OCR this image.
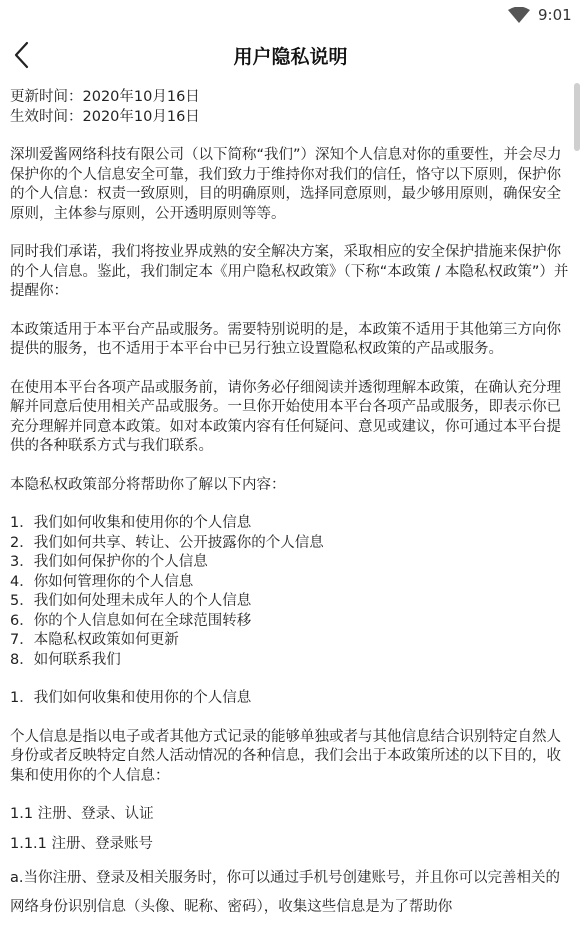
9:01
用户隐私说明

更新时间：2020年10月16日

生效时间：2020年10月16日

深圳爱酱网络科技有限公司（以下简称“我们”）深知个人信息对你的重要性，并会尽力保护你的个人信息安全可靠，我们致力于维持你对我们的信任，恪守以下原则，保护你的个人信息：权责一致原则，目的明确原则，选择同意原则，最少够用原则，确保安全原则，主体参与原则，公开透明原则等等。

同时我们承诺，我们将按业界成熟的安全解决方案，采取相应的安全保护措施来保护你的个人信息。鉴此，我们制定本《用户隐私权政策》（下称“本政策 / 本隐私权政策”）并提醒你：

本政策适用于本平台产品或服务。需要特别说明的是，本政策不适用于其他第三方向你提供的服务，也不适用于本平台中已另行独立设置隐私权政策的产品或服务。

在使用本平台各项产品或服务前，请你务必仔细阅读并透彻理解本政策，在确认充分理解并同意后使用相关产品或服务。一旦你开始使用本平台各项产品或服务，即表示你已充分理解并同意本政策。如对本政策内容有任何疑问、意见或建议，你可通过本平台提供的各种联系方式与我们联系。

本隐私权政策部分将帮助你了解以下内容：

1．我们如何收集和使用你的个人信息
2．我们如何共享、转让、公开披露你的个人信息
3．我们如何保护你的个人信息
4．你如何管理你的个人信息
5．我们如何处理未成年人的个人信息
6．你的个人信息如何在全球范围转移
7．本隐私权政策如何更新
8．如何联系我们

1．我们如何收集和使用你的个人信息

个人信息是指以电子或者其他方式记录的能够单独或者与其他信息结合识别特定自然人身份或者反映特定自然人活动情况的各种信息，我们会出于本政策所述的以下目的，收集和使用你的个人信息：

1.1 注册、登录、认证

1.1.1 注册、登录账号

a.当你注册、登录及相关服务时，你可以通过手机号创建账号，并且你可以完善相关的网络身份识别信息（头像、昵称、密码），收集这些信息是为了帮助你
